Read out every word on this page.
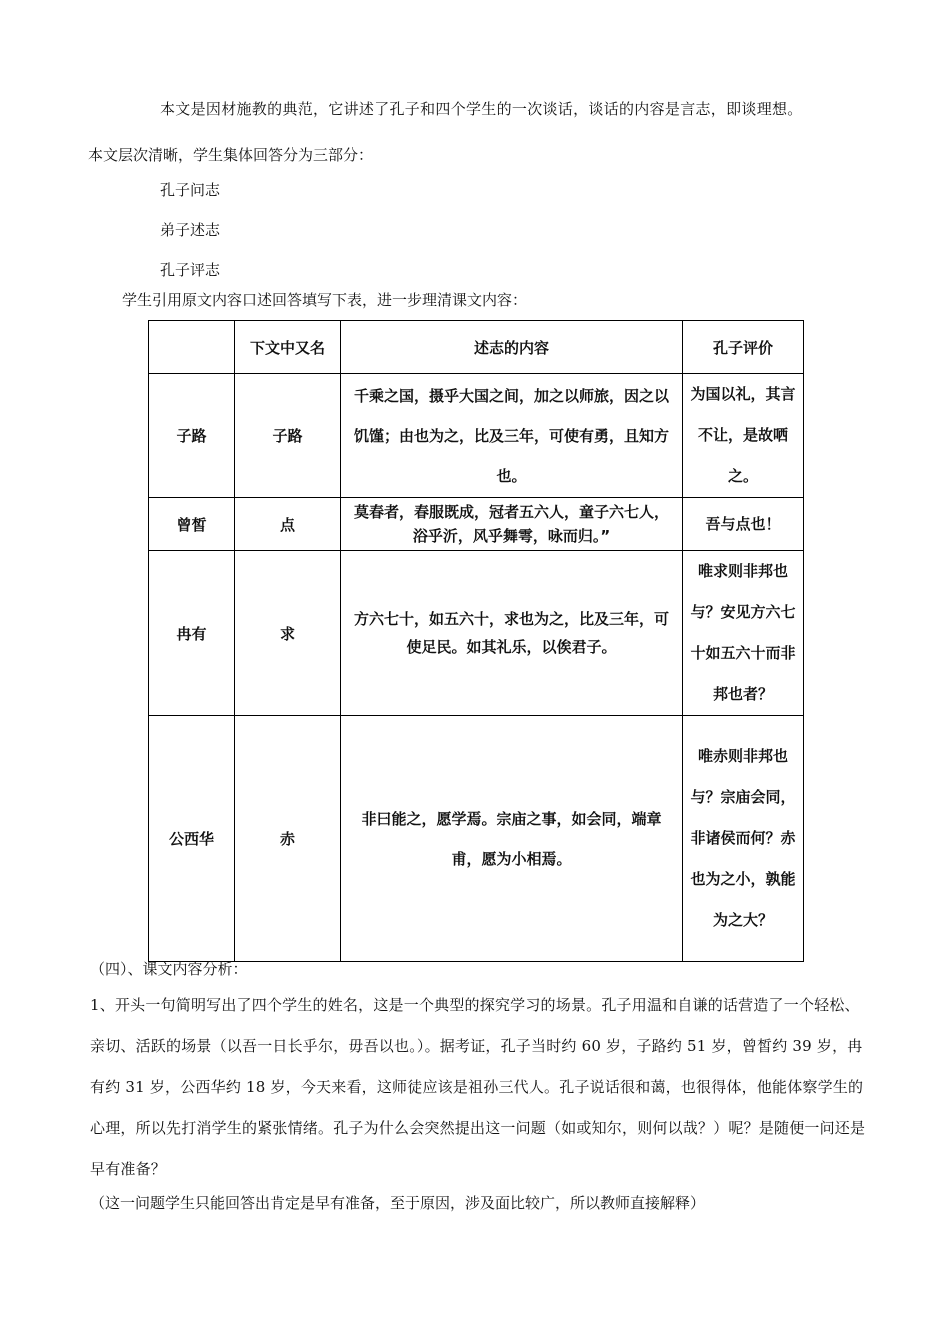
本文是因材施教的典范，它讲述了孔子和四个学生的一次谈话，谈话的内容是言志，即谈理想。

本文层次清晰，学生集体回答分为三部分：

孔子问志
弟子述志
孔子评志

学生引用原文内容口述回答填写下表，进一步理清课文内容：

	下文中又名	述志的内容	孔子评价
子路	子路	千乘之国，摄乎大国之间，加之以师旅，因之以饥馑；由也为之，比及三年，可使有勇，且知方也。	为国以礼，其言不让，是故哂之。
曾皙	点	莫春者，春服既成，冠者五六人，童子六七人，浴乎沂，风乎舞雩，咏而归。”	吾与点也！
冉有	求	方六七十，如五六十，求也为之，比及三年，可使足民。如其礼乐，以俟君子。	唯求则非邦也与？安见方六七十如五六十而非邦也者？
公西华	赤	非曰能之，愿学焉。宗庙之事，如会同，端章甫，愿为小相焉。	唯赤则非邦也与？宗庙会同，非诸侯而何？赤也为之小，孰能为之大？

（四）、课文内容分析：

1、开头一句简明写出了四个学生的姓名，这是一个典型的探究学习的场景。孔子用温和自谦的话营造了一个轻松、亲切、活跃的场景（以吾一日长乎尔，毋吾以也。）。据考证，孔子当时约 60 岁，子路约 51 岁，曾皙约 39 岁，冉有约 31 岁，公西华约 18 岁，今天来看，这师徒应该是祖孙三代人。孔子说话很和蔼，也很得体，他能体察学生的心理，所以先打消学生的紧张情绪。孔子为什么会突然提出这一问题（如或知尔，则何以哉？）呢？是随便一问还是早有准备？

（这一问题学生只能回答出肯定是早有准备，至于原因，涉及面比较广，所以教师直接解释）
